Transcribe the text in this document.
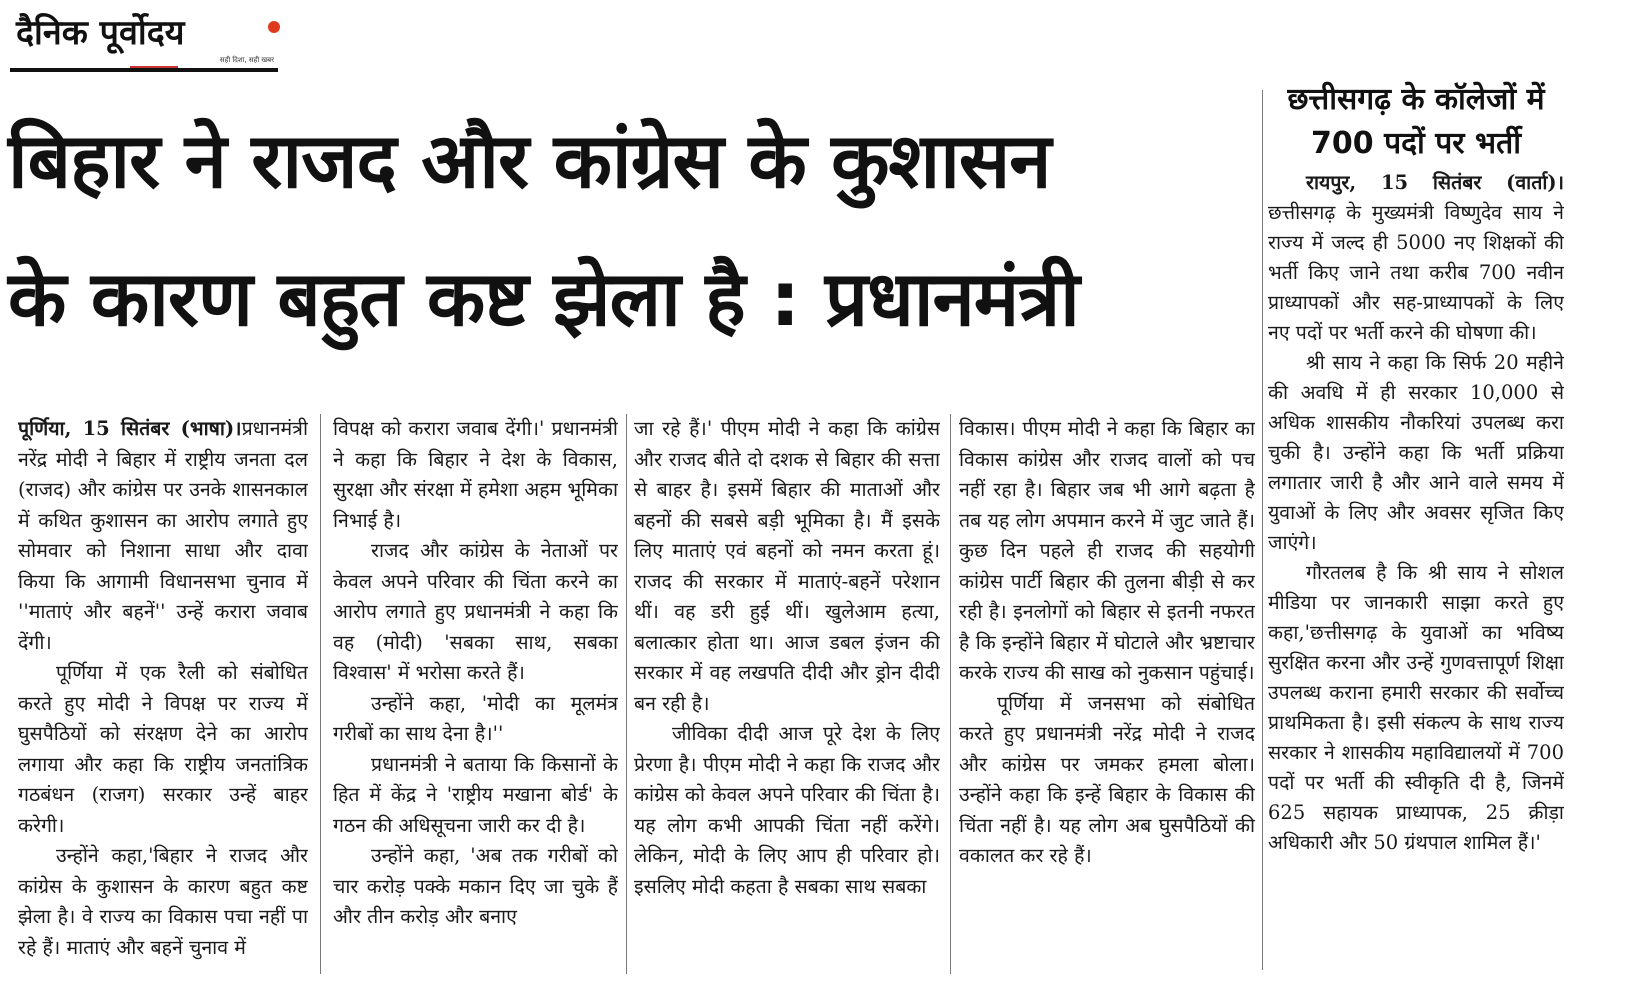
दैनिक पूर्वोदय
सही दिशा, सही खबर
बिहार ने राजद और कांग्रेस के कुशासन
के कारण बहुत कष्ट झेला है : प्रधानमंत्री

पूर्णिया, 15 सितंबर (भाषा)।प्रधानमंत्री नरेंद्र मोदी ने बिहार में राष्ट्रीय जनता दल (राजद) और कांग्रेस पर उनके शासनकाल में कथित कुशासन का आरोप लगाते हुए सोमवार को निशाना साधा और दावा किया कि आगामी विधानसभा चुनाव में ''माताएं और बहनें'' उन्हें करारा जवाब देंगी।

पूर्णिया में एक रैली को संबोधित करते हुए मोदी ने विपक्ष पर राज्य में घुसपैठियों को संरक्षण देने का आरोप लगाया और कहा कि राष्ट्रीय जनतांत्रिक गठबंधन (राजग) सरकार उन्हें बाहर करेगी।

उन्होंने कहा,'बिहार ने राजद और कांग्रेस के कुशासन के कारण बहुत कष्ट झेला है। वे राज्य का विकास पचा नहीं पा रहे हैं। माताएं और बहनें चुनाव में

विपक्ष को करारा जवाब देंगी।' प्रधानमंत्री ने कहा कि बिहार ने देश के विकास, सुरक्षा और संरक्षा में हमेशा अहम भूमिका निभाई है।

राजद और कांग्रेस के नेताओं पर केवल अपने परिवार की चिंता करने का आरोप लगाते हुए प्रधानमंत्री ने कहा कि वह (मोदी) 'सबका साथ, सबका विश्वास' में भरोसा करते हैं।

उन्होंने कहा, 'मोदी का मूलमंत्र गरीबों का साथ देना है।''

प्रधानमंत्री ने बताया कि किसानों के हित में केंद्र ने 'राष्ट्रीय मखाना बोर्ड' के गठन की अधिसूचना जारी कर दी है।

उन्होंने कहा, 'अब तक गरीबों को चार करोड़ पक्के मकान दिए जा चुके हैं और तीन करोड़ और बनाए

जा रहे हैं।' पीएम मोदी ने कहा कि कांग्रेस और राजद बीते दो दशक से बिहार की सत्ता से बाहर है। इसमें बिहार की माताओं और बहनों की सबसे बड़ी भूमिका है। मैं इसके लिए माताएं एवं बहनों को नमन करता हूं। राजद की सरकार में माताएं-बहनें परेशान थीं। वह डरी हुई थीं। खुलेआम हत्या, बलात्कार होता था। आज डबल इंजन की सरकार में वह लखपति दीदी और ड्रोन दीदी बन रही है।

जीविका दीदी आज पूरे देश के लिए प्रेरणा है। पीएम मोदी ने कहा कि राजद और कांग्रेस को केवल अपने परिवार की चिंता है। यह लोग कभी आपकी चिंता नहीं करेंगे। लेकिन, मोदी के लिए आप ही परिवार हो। इसलिए मोदी कहता है सबका साथ सबका

विकास। पीएम मोदी ने कहा कि बिहार का विकास कांग्रेस और राजद वालों को पच नहीं रहा है। बिहार जब भी आगे बढ़ता है तब यह लोग अपमान करने में जुट जाते हैं। कुछ दिन पहले ही राजद की सहयोगी कांग्रेस पार्टी बिहार की तुलना बीड़ी से कर रही है। इनलोगों को बिहार से इतनी नफरत है कि इन्होंने बिहार में घोटाले और भ्रष्टाचार करके राज्य की साख को नुकसान पहुंचाई।

पूर्णिया में जनसभा को संबोधित करते हुए प्रधानमंत्री नरेंद्र मोदी ने राजद और कांग्रेस पर जमकर हमला बोला। उन्होंने कहा कि इन्हें बिहार के विकास की चिंता नहीं है। यह लोग अब घुसपैठियों की वकालत कर रहे हैं।

छत्तीसगढ़ के कॉलेजों में 700 पदों पर भर्ती

रायपुर, 15 सितंबर (वार्ता)। छत्तीसगढ़ के मुख्यमंत्री विष्णुदेव साय ने राज्य में जल्द ही 5000 नए शिक्षकों की भर्ती किए जाने तथा करीब 700 नवीन प्राध्यापकों और सह-प्राध्यापकों के लिए नए पदों पर भर्ती करने की घोषणा की।

श्री साय ने कहा कि सिर्फ 20 महीने की अवधि में ही सरकार 10,000 से अधिक शासकीय नौकरियां उपलब्ध करा चुकी है। उन्होंने कहा कि भर्ती प्रक्रिया लगातार जारी है और आने वाले समय में युवाओं के लिए और अवसर सृजित किए जाएंगे।

गौरतलब है कि श्री साय ने सोशल मीडिया पर जानकारी साझा करते हुए कहा,'छत्तीसगढ़ के युवाओं का भविष्य सुरक्षित करना और उन्हें गुणवत्तापूर्ण शिक्षा उपलब्ध कराना हमारी सरकार की सर्वोच्च प्राथमिकता है। इसी संकल्प के साथ राज्य सरकार ने शासकीय महाविद्यालयों में 700 पदों पर भर्ती की स्वीकृति दी है, जिनमें 625 सहायक प्राध्यापक, 25 क्रीड़ा अधिकारी और 50 ग्रंथपाल शामिल हैं।'
